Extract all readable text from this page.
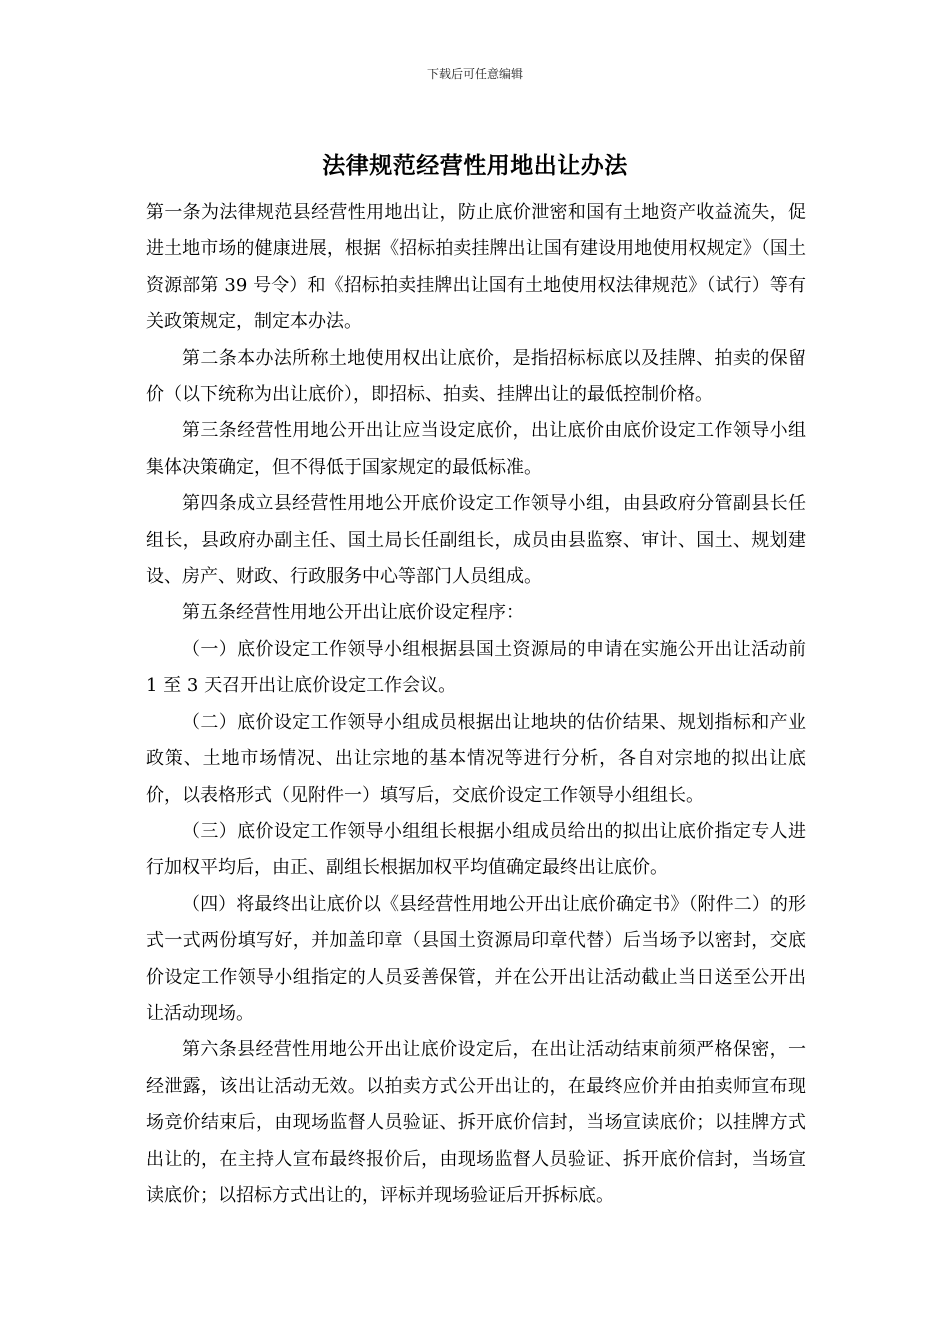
下载后可任意编辑
法律规范经营性用地出让办法

第一条为法律规范县经营性用地出让，防止底价泄密和国有土地资产收益流失，促进土地市场的健康进展，根据《招标拍卖挂牌出让国有建设用地使用权规定》（国土资源部第 39 号令）和《招标拍卖挂牌出让国有土地使用权法律规范》（试行）等有关政策规定，制定本办法。

第二条本办法所称土地使用权出让底价，是指招标标底以及挂牌、拍卖的保留价（以下统称为出让底价），即招标、拍卖、挂牌出让的最低控制价格。

第三条经营性用地公开出让应当设定底价，出让底价由底价设定工作领导小组集体决策确定，但不得低于国家规定的最低标准。

第四条成立县经营性用地公开底价设定工作领导小组，由县政府分管副县长任组长，县政府办副主任、国土局长任副组长，成员由县监察、审计、国土、规划建设、房产、财政、行政服务中心等部门人员组成。

第五条经营性用地公开出让底价设定程序：

（一）底价设定工作领导小组根据县国土资源局的申请在实施公开出让活动前 1 至 3 天召开出让底价设定工作会议。

（二）底价设定工作领导小组成员根据出让地块的估价结果、规划指标和产业政策、土地市场情况、出让宗地的基本情况等进行分析，各自对宗地的拟出让底价，以表格形式（见附件一）填写后，交底价设定工作领导小组组长。

（三）底价设定工作领导小组组长根据小组成员给出的拟出让底价指定专人进行加权平均后，由正、副组长根据加权平均值确定最终出让底价。

（四）将最终出让底价以《县经营性用地公开出让底价确定书》（附件二）的形式一式两份填写好，并加盖印章（县国土资源局印章代替）后当场予以密封，交底价设定工作领导小组指定的人员妥善保管，并在公开出让活动截止当日送至公开出让活动现场。

第六条县经营性用地公开出让底价设定后，在出让活动结束前须严格保密，一经泄露，该出让活动无效。以拍卖方式公开出让的，在最终应价并由拍卖师宣布现场竞价结束后，由现场监督人员验证、拆开底价信封，当场宣读底价；以挂牌方式出让的，在主持人宣布最终报价后，由现场监督人员验证、拆开底价信封，当场宣读底价；以招标方式出让的，评标并现场验证后开拆标底。
